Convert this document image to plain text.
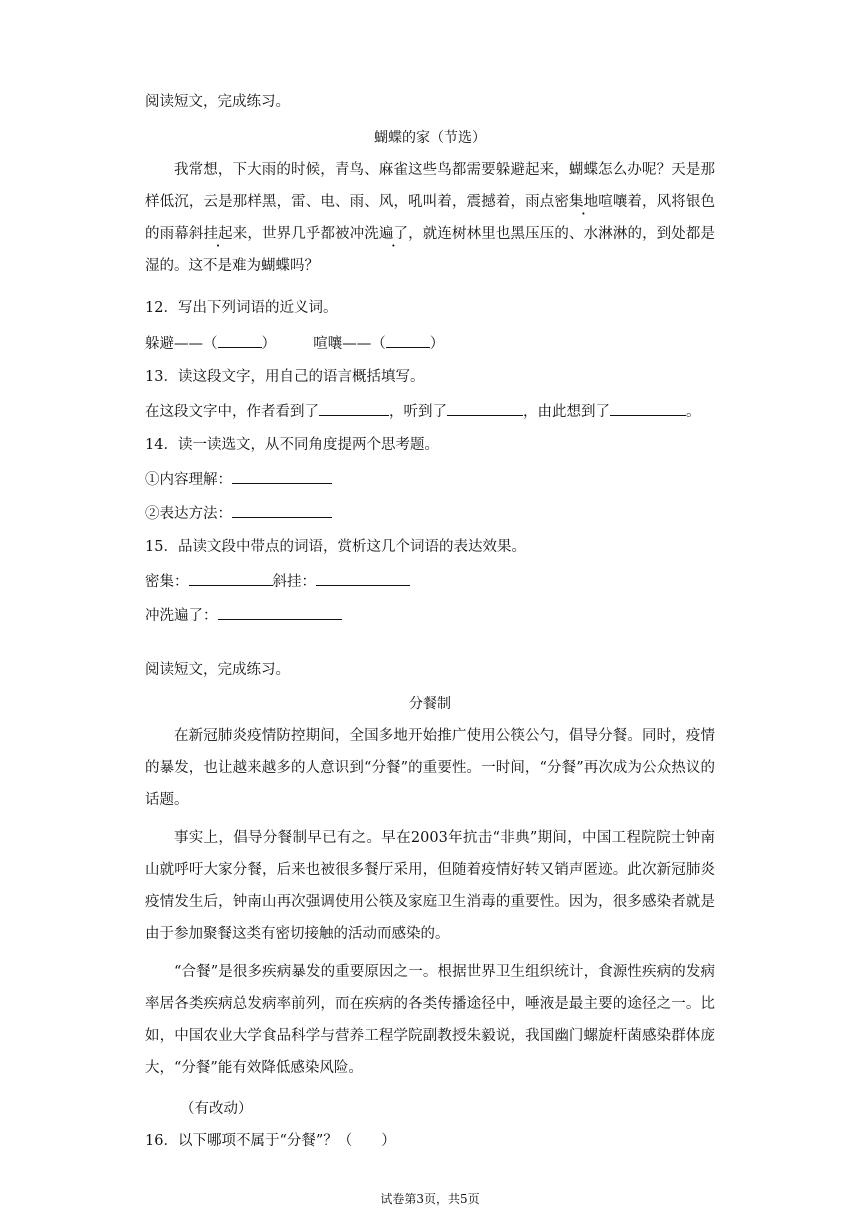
阅读短文，完成练习。
蝴蝶的家（节选）
我常想，下大雨的时候，青鸟、麻雀这些鸟都需要躲避起来，蝴蝶怎么办呢？天是那样低沉，云是那样黑，雷、电、雨、风，吼叫着，震撼着，雨点密集地喧嚷着，风将银色的雨幕斜挂起来，世界几乎都被冲洗遍了，就连树林里也黑压压的、水淋淋的，到处都是湿的。这不是难为蝴蝶吗？
12．写出下列词语的近义词。
躲避——（	）	喧嚷——（	）
13．读这段文字，用自己的语言概括填写。
在这段文字中，作者看到了	，听到了	，由此想到了	。
14．读一读选文，从不同角度提两个思考题。
①内容理解：
②表达方法：
15．品读文段中带点的词语，赏析这几个词语的表达效果。
密集：	斜挂：
冲洗遍了：
阅读短文，完成练习。
分餐制
在新冠肺炎疫情防控期间，全国多地开始推广使用公筷公勺，倡导分餐。同时，疫情的暴发，也让越来越多的人意识到“分餐”的重要性。一时间，“分餐”再次成为公众热议的话题。
事实上，倡导分餐制早已有之。早在2003年抗击“非典”期间，中国工程院院士钟南山就呼吁大家分餐，后来也被很多餐厅采用，但随着疫情好转又销声匿迹。此次新冠肺炎疫情发生后，钟南山再次强调使用公筷及家庭卫生消毒的重要性。因为，很多感染者就是由于参加聚餐这类有密切接触的活动而感染的。
“合餐”是很多疾病暴发的重要原因之一。根据世界卫生组织统计，食源性疾病的发病率居各类疾病总发病率前列，而在疾病的各类传播途径中，唾液是最主要的途径之一。比如，中国农业大学食品科学与营养工程学院副教授朱毅说，我国幽门螺旋杆菌感染群体庞大，“分餐”能有效降低感染风险。
（有改动）
16．以下哪项不属于“分餐”？（　　）
试卷第3页，共5页
